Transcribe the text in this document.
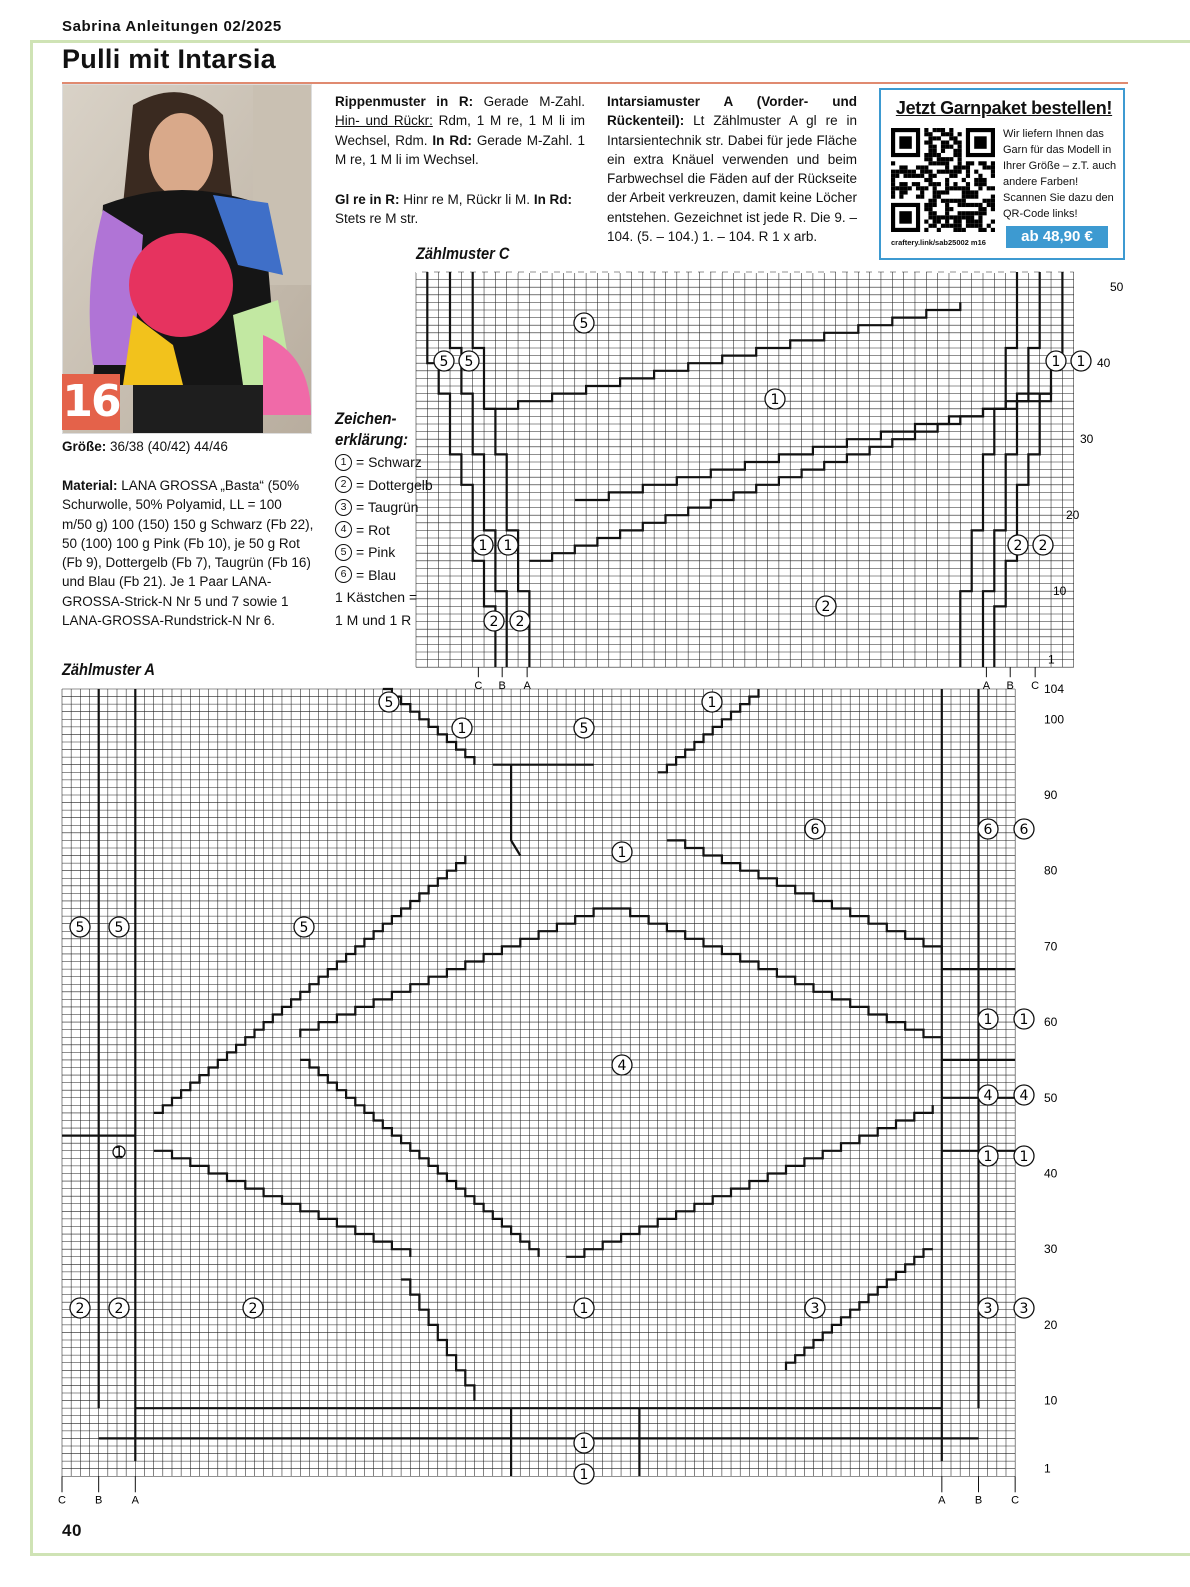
Sabrina Anleitungen 02/2025
Pulli mit Intarsia
16
Größe: 36/38 (40/42) 44/46
Material: LANA GROSSA „Basta“ (50% Schurwolle, 50% Polyamid, LL = 100 m/50 g) 100 (150) 150 g Schwarz (Fb 22), 50 (100) 100 g Pink (Fb 10), je 50 g Rot (Fb 9), Dottergelb (Fb 7), Taugrün (Fb 16) und Blau (Fb 21). Je 1 Paar LANA-GROSSA-Strick-N Nr 5 und 7 sowie 1 LANA-GROSSA-Rundstrick-N Nr 6.
Rippenmuster in R: Gerade M-Zahl. Hin- und Rückr: Rdm, 1 M re, 1 M li im Wechsel, Rdm. In Rd: Gerade M-Zahl. 1 M re, 1 M li im Wechsel.
Gl re in R: Hinr re M, Rückr li M. In Rd: Stets re M str.
Intarsiamuster A (Vorder- und Rückenteil): Lt Zählmuster A gl re in Intarsientechnik str. Dabei für jede Fläche ein extra Knäuel verwenden und beim Farbwechsel die Fäden auf der Rückseite der Arbeit verkreuzen, damit keine Löcher entstehen. Gezeichnet ist jede R. Die 9. – 104. (5. – 104.) 1. – 104. R 1 x arb.
Zeichen-
erklärung:
1 = Schwarz
2 = Dottergelb
3 = Taugrün
4 = Rot
5 = Pink
6 = Blau
1 Kästchen =
1 M und 1 R
Jetzt Garnpaket bestellen!
Wir liefern Ihnen das Garn für das Modell in Ihrer Größe – z.T. auch andere Farben! Scannen Sie dazu den QR-Code links!
craftery.link/sab25002 m16	ab 48,90 €
Zählmuster C
Zählmuster A
104
100
90
80
70
60
50
40
30
20
10
1
C	B	A	A	B	C
5
1	5
1
6	6 6
1
5 5	5
1 1
4
4 4
1 1
2 2	2	1	3	3 3
1
1
1
50
40
30
20
10
1
C B A	A B C
5
5 5
1
1 1
1 1
2 2
2
2 2
40
